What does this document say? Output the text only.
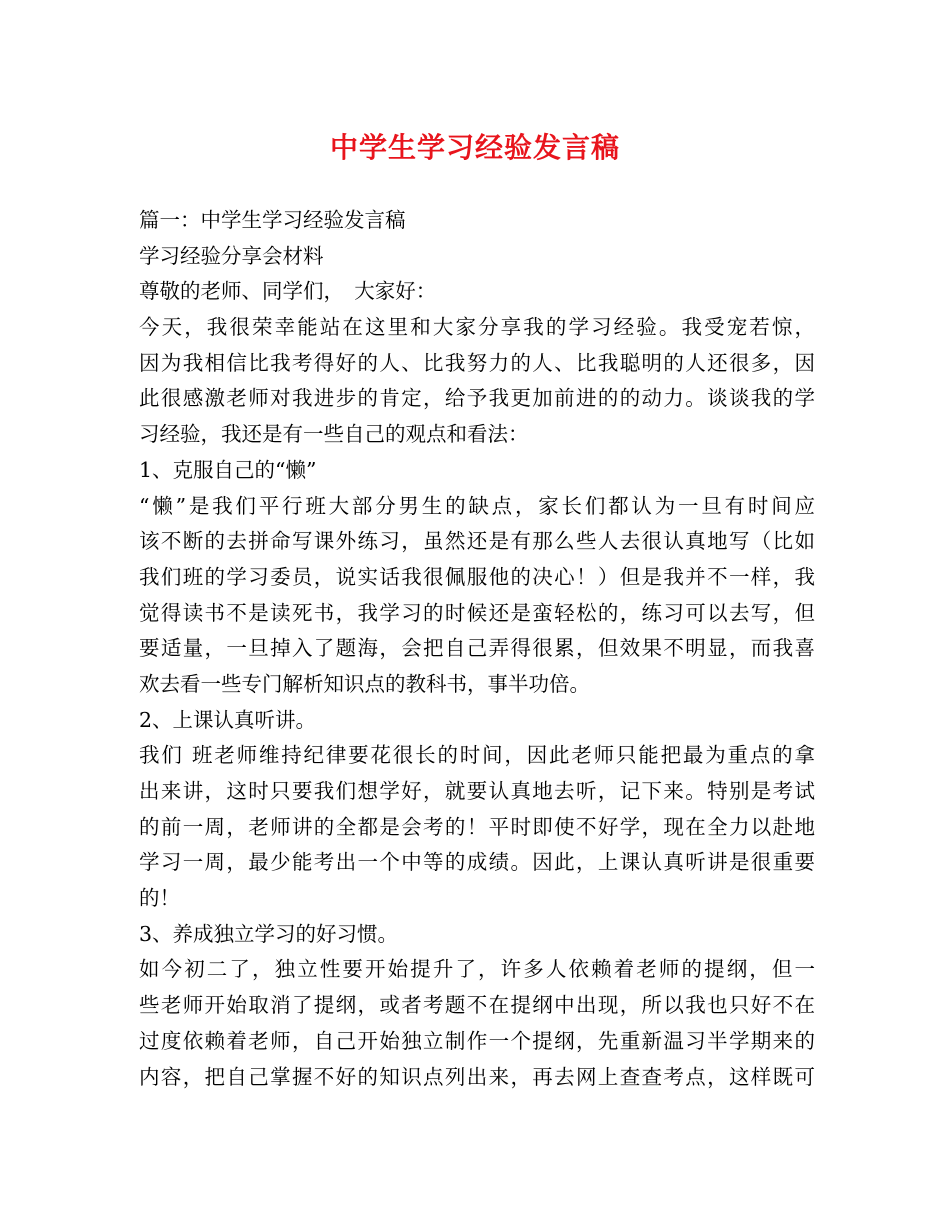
中学生学习经验发言稿
篇一：中学生学习经验发言稿
学习经验分享会材料
尊敬的老师、同学们，　大家好：
今天，我很荣幸能站在这里和大家分享我的学习经验。我受宠若惊，
因为我相信比我考得好的人、比我努力的人、比我聪明的人还很多，因
此很感激老师对我进步的肯定，给予我更加前进的的动力。谈谈我的学
习经验，我还是有一些自己的观点和看法：
1、克服自己的“懒”
“懒”是我们平行班大部分男生的缺点，家长们都认为一旦有时间应
该不断的去拼命写课外练习，虽然还是有那么些人去很认真地写（比如
我们班的学习委员，说实话我很佩服他的决心！）但是我并不一样，我
觉得读书不是读死书，我学习的时候还是蛮轻松的，练习可以去写，但
要适量，一旦掉入了题海，会把自己弄得很累，但效果不明显，而我喜
欢去看一些专门解析知识点的教科书，事半功倍。
2、上课认真听讲。
我们 班老师维持纪律要花很长的时间，因此老师只能把最为重点的拿
出来讲，这时只要我们想学好，就要认真地去听，记下来。特别是考试
的前一周，老师讲的全都是会考的！平时即使不好学，现在全力以赴地
学习一周，最少能考出一个中等的成绩。因此，上课认真听讲是很重要
的！
3、养成独立学习的好习惯。
如今初二了，独立性要开始提升了，许多人依赖着老师的提纲，但一
些老师开始取消了提纲，或者考题不在提纲中出现，所以我也只好不在
过度依赖着老师，自己开始独立制作一个提纲，先重新温习半学期来的
内容，把自己掌握不好的知识点列出来，再去网上查查考点，这样既可
